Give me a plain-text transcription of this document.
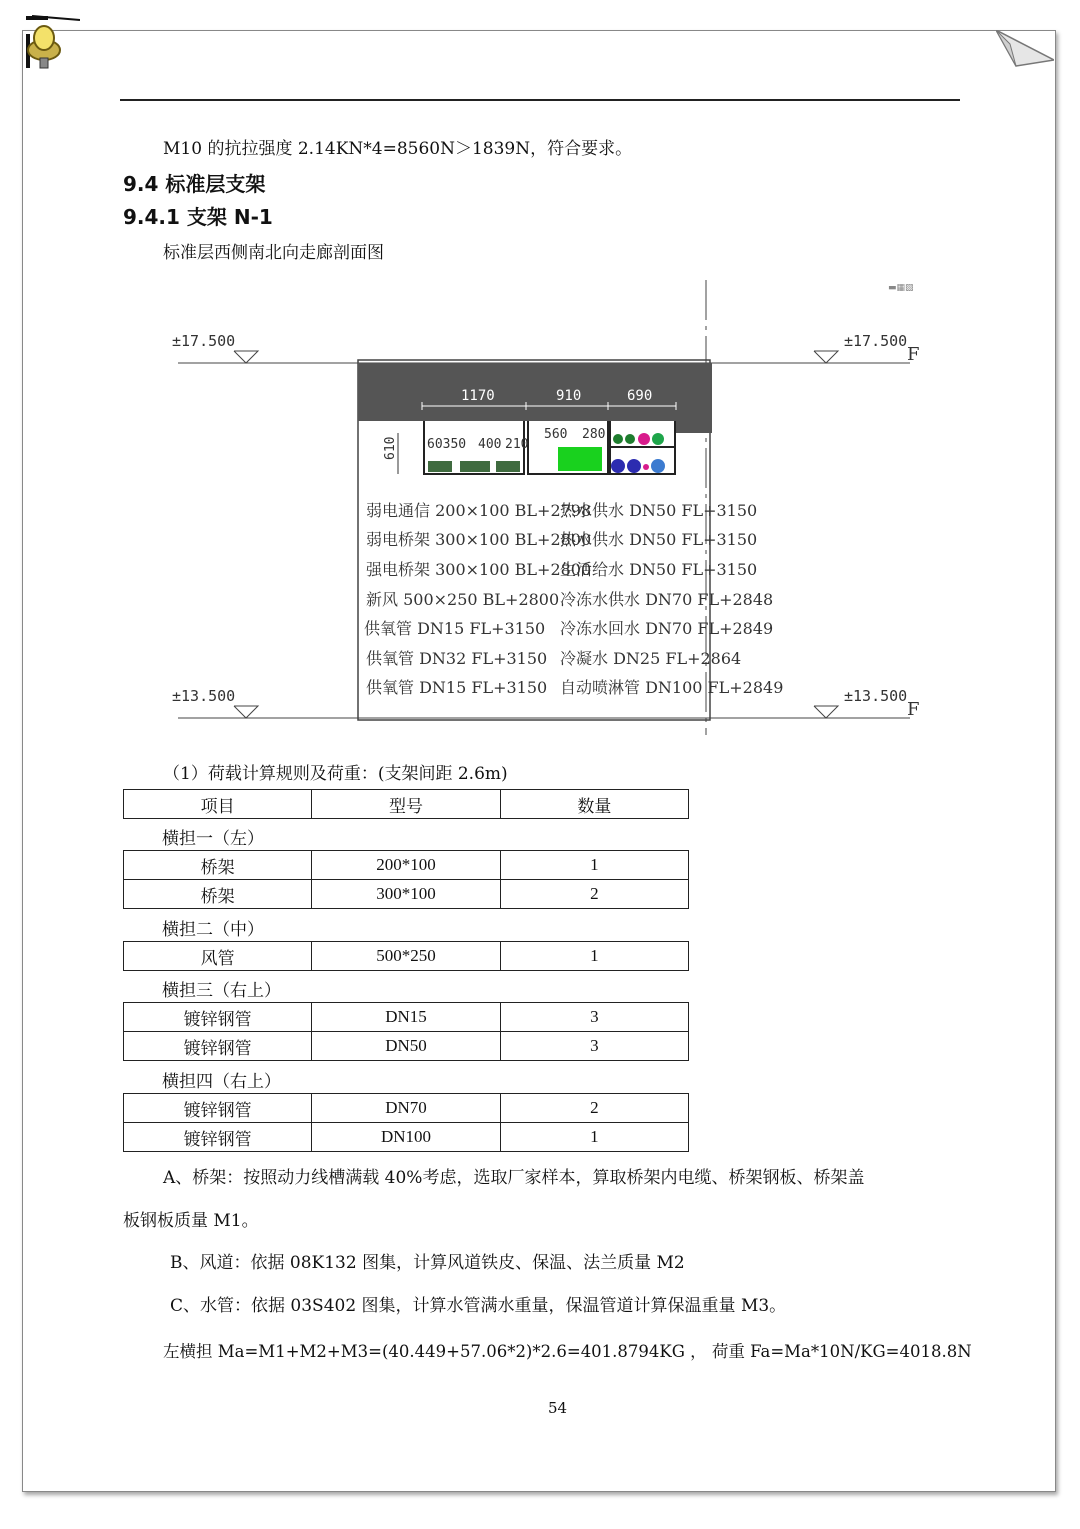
M10 的抗拉强度 2.14KN*4=8560N＞1839N，符合要求。
9.4 标准层支架
9.4.1 支架 N-1
标准层西侧南北向走廊剖面图
±17.500	±17.500
±13.500	±13.500
F
F
▬▦▧
1170	910	690
610 60350 400 210
560 280
弱电通信 200×100 BL+2798
弱电桥架 300×100 BL+2800
强电桥架 300×100 BL+2800
新风 500×250 BL+2800
供氧管 DN15 FL+3150
供氧管 DN32 FL+3150
供氧管 DN15 FL+3150
热水供水 DN50 FL+3150
热水供水 DN50 FL+3150
生活给水 DN50 FL+3150
冷冻水供水 DN70 FL+2848
冷冻水回水 DN70 FL+2849
冷凝水 DN25 FL+2864
自动喷淋管 DN100 FL+2849
（1）荷载计算规则及荷重：(支架间距 2.6m)
项目	型号	数量
横担一（左）
桥架	200*100	1
桥架	300*100	2
横担二（中）
风管	500*250	1
横担三（右上）
镀锌钢管	DN15	3
镀锌钢管	DN50	3
横担四（右上）
镀锌钢管	DN70	2
镀锌钢管	DN100	1
A、桥架：按照动力线槽满载 40%考虑，选取厂家样本，算取桥架内电缆、桥架钢板、桥架盖
板钢板质量 M1。
B、风道：依据 08K132 图集，计算风道铁皮、保温、法兰质量 M2
C、水管：依据 03S402 图集，计算水管满水重量，保温管道计算保温重量 M3。
左横担 Ma=M1+M2+M3=(40.449+57.06*2)*2.6=401.8794KG ， 荷重 Fa=Ma*10N/KG=4018.8N
54
